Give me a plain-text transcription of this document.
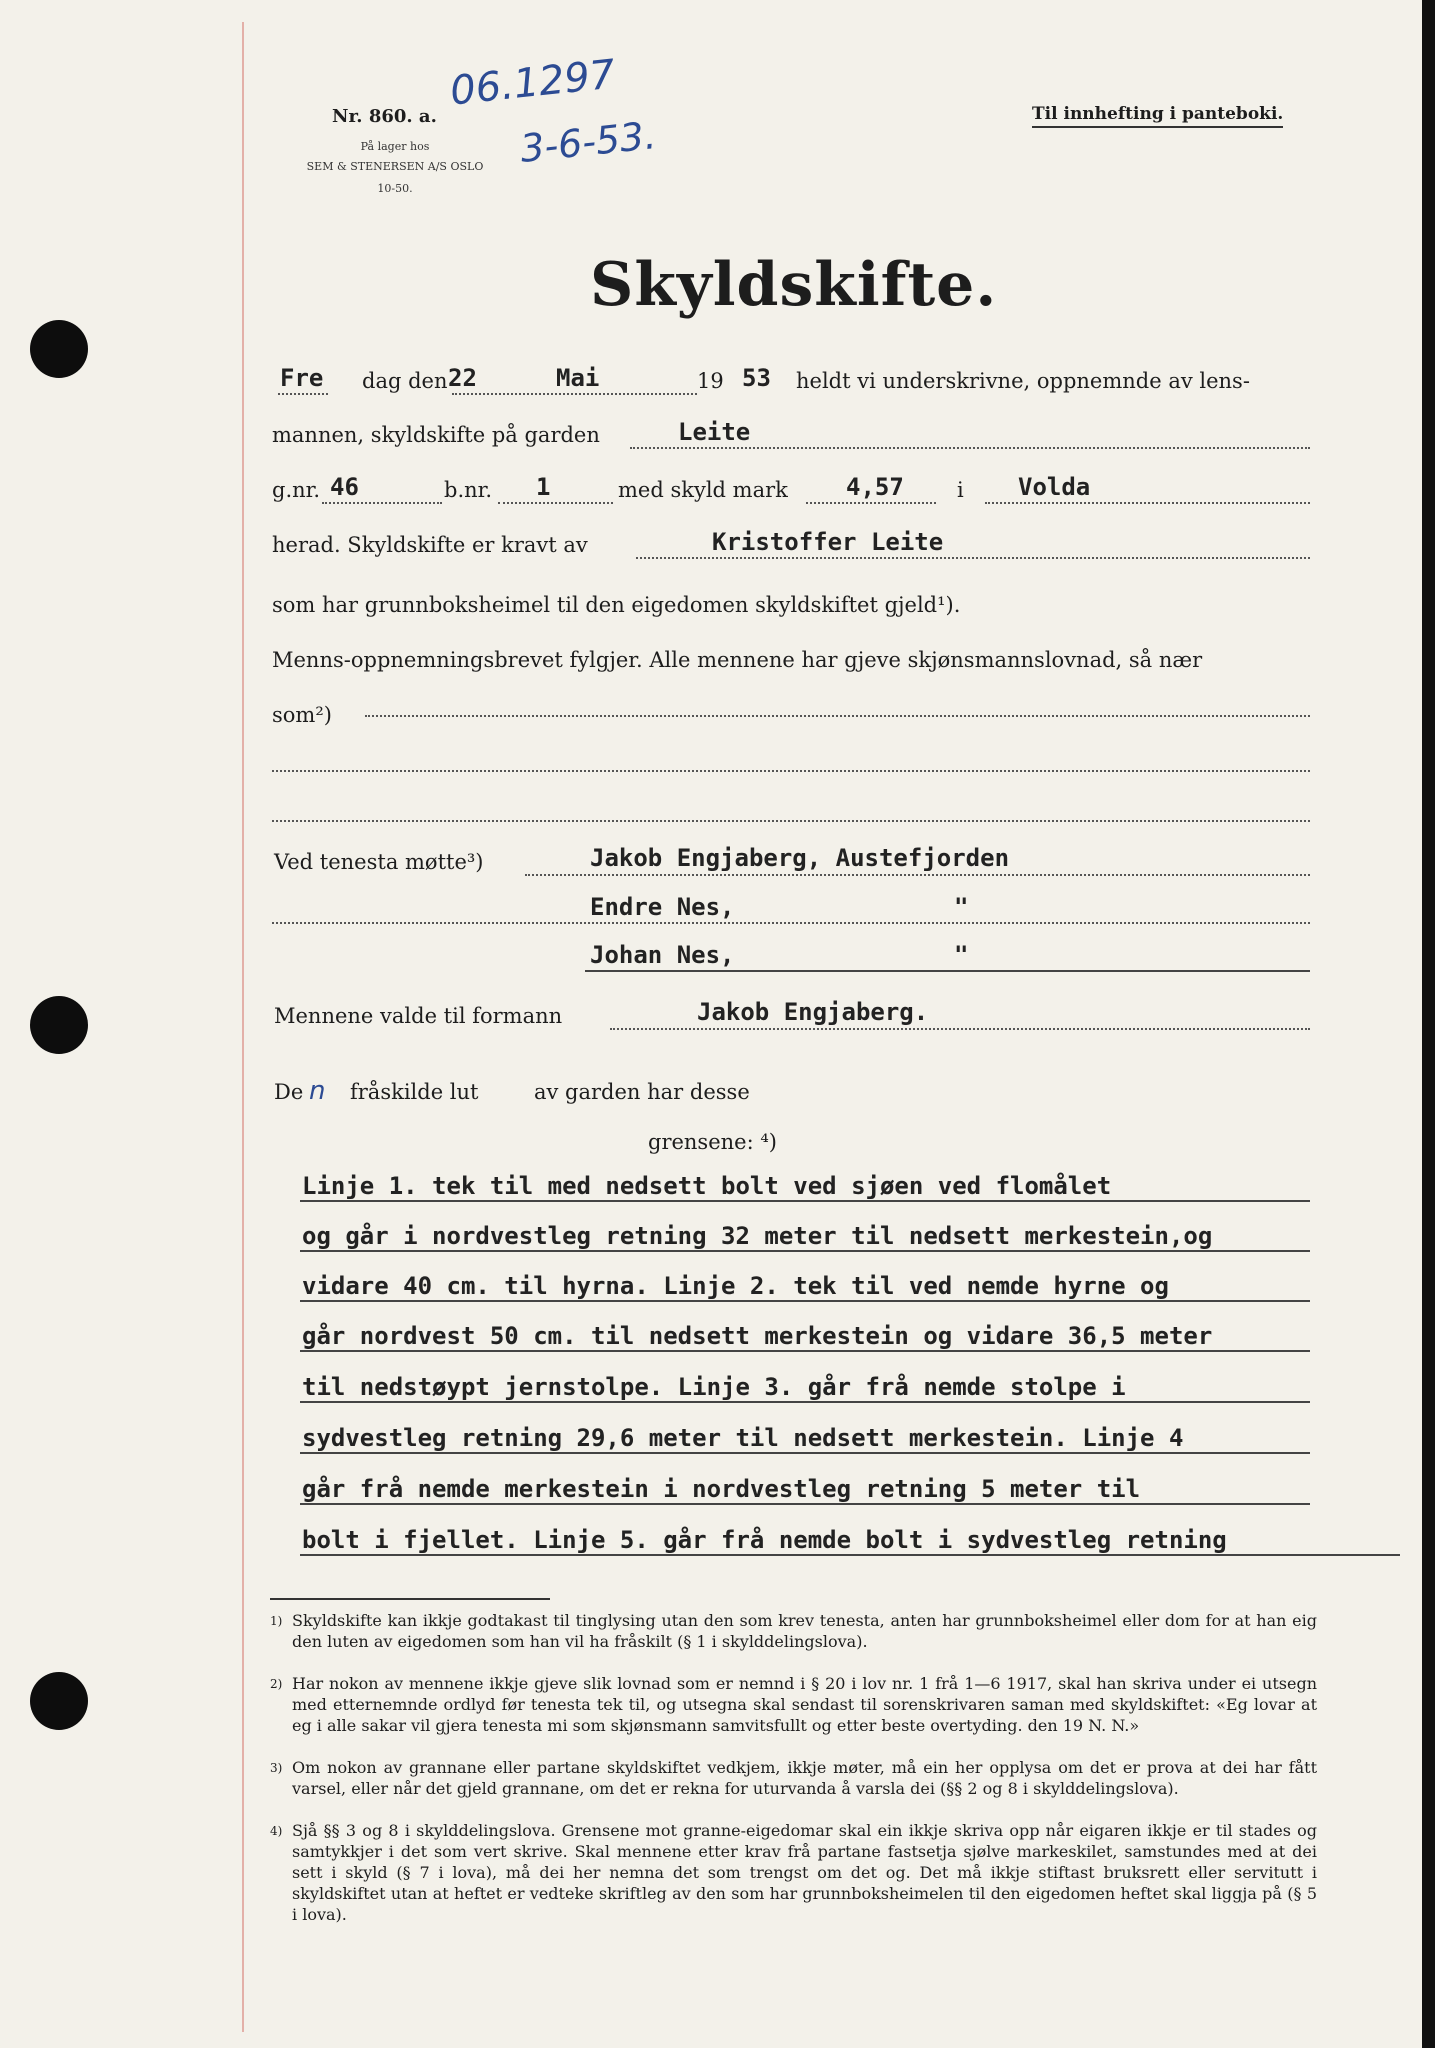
Nr. 860. a.
På lager hos
SEM & STENERSEN A/S OSLO
10-50.
06.1297
3-6-53.	Til innhefting i panteboki.
Skyldskifte.
Fre dag den 22	Mai	19 53 heldt vi underskrivne, oppnemnde av lens-
mannen, skyldskifte på garden	Leite
g.nr. 46	b.nr. 1	med skyld mark 4,57	i Volda
herad. Skyldskifte er kravt av	Kristoffer Leite
som har grunnboksheimel til den eigedomen skyldskiftet gjeld¹).
Menns-oppnemningsbrevet fylgjer. Alle mennene har gjeve skjønsmannslovnad, så nær
som²)
Ved tenesta møtte³)	Jakob Engjaberg, Austefjorden
Endre Nes,	"
Johan Nes,	"
Mennene valde til formann	Jakob Engjaberg.
De n fråskilde lut	av garden har desse
grensene: ⁴)
Linje 1. tek til med nedsett bolt ved sjøen ved flomålet
og går i nordvestleg retning 32 meter til nedsett merkestein,og
vidare 40 cm. til hyrna. Linje 2. tek til ved nemde hyrne og
går nordvest 50 cm. til nedsett merkestein og vidare 36,5 meter
til nedstøypt jernstolpe. Linje 3. går frå nemde stolpe i
sydvestleg retning 29,6 meter til nedsett merkestein. Linje 4
går frå nemde merkestein i nordvestleg retning 5 meter til
bolt i fjellet. Linje 5. går frå nemde bolt i sydvestleg retning
1) Skyldskifte kan ikkje godtakast til tinglysing utan den som krev tenesta, anten har grunnboksheimel eller dom for at han eig den luten av eigedomen som han vil ha fråskilt (§ 1 i skylddelingslova).
2) Har nokon av mennene ikkje gjeve slik lovnad som er nemnd i § 20 i lov nr. 1 frå 1—6 1917, skal han skriva under ei utsegn med etternemnde ordlyd før tenesta tek til, og utsegna skal sendast til sorenskrivaren saman med skyldskiftet: «Eg lovar at eg i alle sakar vil gjera tenesta mi som skjønsmann samvitsfullt og etter beste overtyding. den 19 N. N.»
3) Om nokon av grannane eller partane skyldskiftet vedkjem, ikkje møter, må ein her opplysa om det er prova at dei har fått varsel, eller når det gjeld grannane, om det er rekna for uturvanda å varsla dei (§§ 2 og 8 i skylddelingslova).
4) Sjå §§ 3 og 8 i skylddelingslova. Grensene mot granne-eigedomar skal ein ikkje skriva opp når eigaren ikkje er til stades og samtykkjer i det som vert skrive. Skal mennene etter krav frå partane fastsetja sjølve markeskilet, samstundes med at dei sett i skyld (§ 7 i lova), må dei her nemna det som trengst om det og. Det må ikkje stiftast bruksrett eller servitutt i skyldskiftet utan at heftet er vedteke skriftleg av den som har grunnboksheimelen til den eigedomen heftet skal liggja på (§ 5 i lova).
